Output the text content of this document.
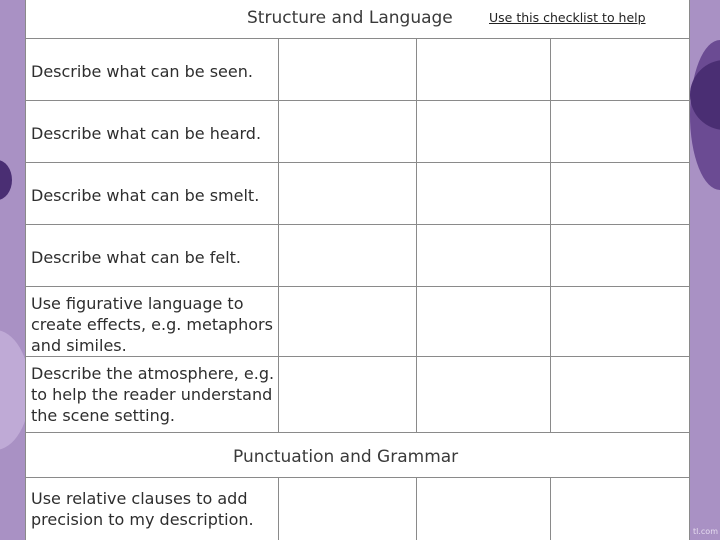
tl.com
Structure and Language	Use this checklist to help
Punctuation and Grammar
Describe what can be seen.
Describe what can be heard.
Describe what can be smelt.
Describe what can be felt.
Use figurative language to create effects, e.g. metaphors and similes.
Describe the atmosphere, e.g. to help the reader understand the scene setting.
Use relative clauses to add precision to my description.
